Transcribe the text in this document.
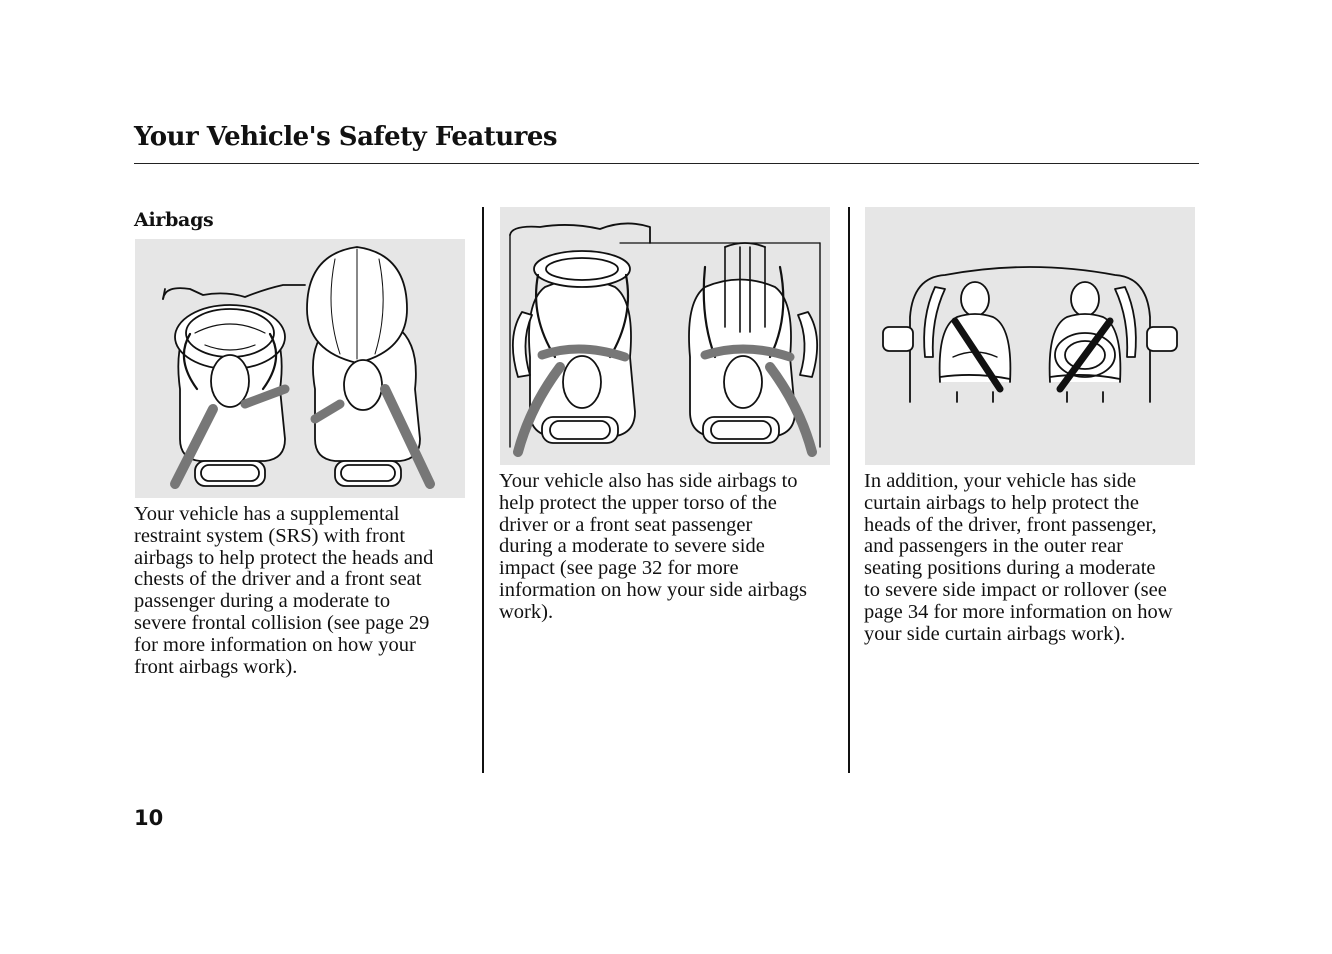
Your Vehicle's Safety Features
Airbags

Your vehicle has a supplemental
restraint system (SRS) with front
airbags to help protect the heads and
chests of the driver and a front seat
passenger during a moderate to
severe frontal collision (see page 29
for more information on how your
front airbags work).

Your vehicle also has side airbags to
help protect the upper torso of the
driver or a front seat passenger
during a moderate to severe side
impact (see page 32 for more
information on how your side airbags
work).

In addition, your vehicle has side
curtain airbags to help protect the
heads of the driver, front passenger,
and passengers in the outer rear
seating positions during a moderate
to severe side impact or rollover (see
page 34 for more information on how
your side curtain airbags work).

10
